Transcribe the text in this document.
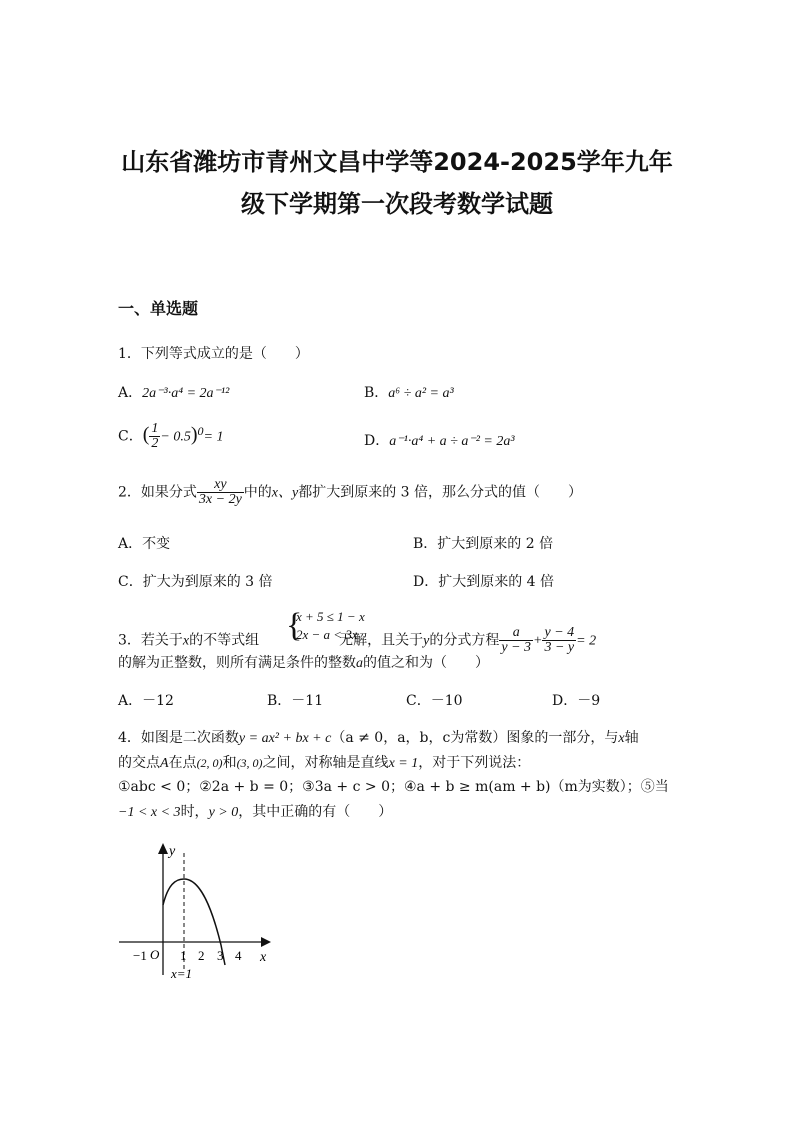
山东省潍坊市青州文昌中学等2024-2025学年九年
级下学期第一次段考数学试题
一、单选题
1．下列等式成立的是（　　）
A．2a⁻³·a⁴ = 2a⁻¹²	B．a⁶ ÷ a² = a³
C．( $\frac{1}{2} - 0.5)^0= 1$	D．a⁻¹·a⁴ + a ÷ a⁻² = 2a³
2．如果分式 $\frac{xy}{3x - 2y}$ 中的x、y都扩大到原来的 3 倍，那么分式的值（　　）
A．不变	B．扩大到原来的 2 倍
C．扩大为到原来的 3 倍	D．扩大到原来的 4 倍
3．若关于x的不等式组	无解，且关于y的分式方程 $\frac{a}{y - 3} + \frac{y - 4}{3 - y} = 2$
{
x + 5 ≤ 1 − x
2x − a < 3x
的解为正整数，则所有满足条件的整数a的值之和为（　　）
A．－12	B．－11	C．－10	D．－9
4．如图是二次函数y = ax² + bx + c（a ≠ 0，a，b，c为常数）图象的一部分，与x轴
的交点A在点(2, 0)和(3, 0)之间，对称轴是直线x = 1，对于下列说法：
①abc < 0；②2a + b = 0；③3a + c > 0；④a + b ≥ m(am + b)（m为实数）；⑤当
−1 < x < 3时，y > 0，其中正确的有（　　）
y
x
O
−1	1 2 3 4
x=1
